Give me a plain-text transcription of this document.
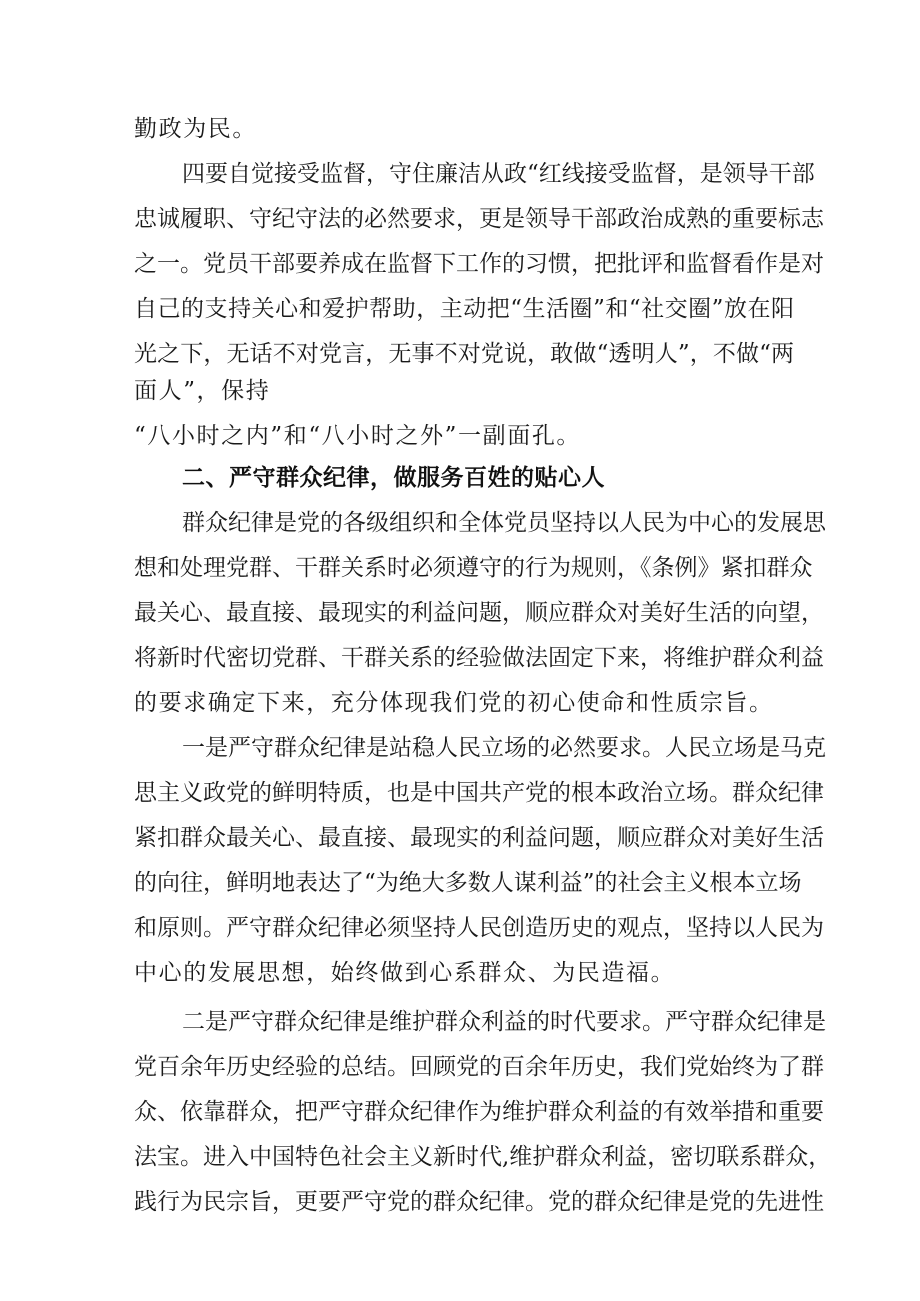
勤政为民。
四要自觉接受监督，守住廉洁从政“红线接受监督，是领导干部
忠诚履职、守纪守法的必然要求，更是领导干部政治成熟的重要标志
之一。党员干部要养成在监督下工作的习惯，把批评和监督看作是对
自己的支持关心和爱护帮助，主动把“生活圈”和“社交圈”放在阳
光之下，无话不对党言，无事不对党说，敢做“透明人”，不做“两
面人”，保持
“八小时之内”和“八小时之外”一副面孔。
二、严守群众纪律，做服务百姓的贴心人
群众纪律是党的各级组织和全体党员坚持以人民为中心的发展思
想和处理党群、干群关系时必须遵守的行为规则，《条例》紧扣群众
最关心、最直接、最现实的利益问题，顺应群众对美好生活的向望，
将新时代密切党群、干群关系的经验做法固定下来，将维护群众利益
的要求确定下来，充分体现我们党的初心使命和性质宗旨。
一是严守群众纪律是站稳人民立场的必然要求。人民立场是马克
思主义政党的鲜明特质，也是中国共产党的根本政治立场。群众纪律
紧扣群众最关心、最直接、最现实的利益问题，顺应群众对美好生活
的向往，鲜明地表达了“为绝大多数人谋利益”的社会主义根本立场
和原则。严守群众纪律必须坚持人民创造历史的观点，坚持以人民为
中心的发展思想，始终做到心系群众、为民造福。
二是严守群众纪律是维护群众利益的时代要求。严守群众纪律是
党百余年历史经验的总结。回顾党的百余年历史，我们党始终为了群
众、依靠群众，把严守群众纪律作为维护群众利益的有效举措和重要
法宝。进入中国特色社会主义新时代,维护群众利益，密切联系群众，
践行为民宗旨，更要严守党的群众纪律。党的群众纪律是党的先进性
